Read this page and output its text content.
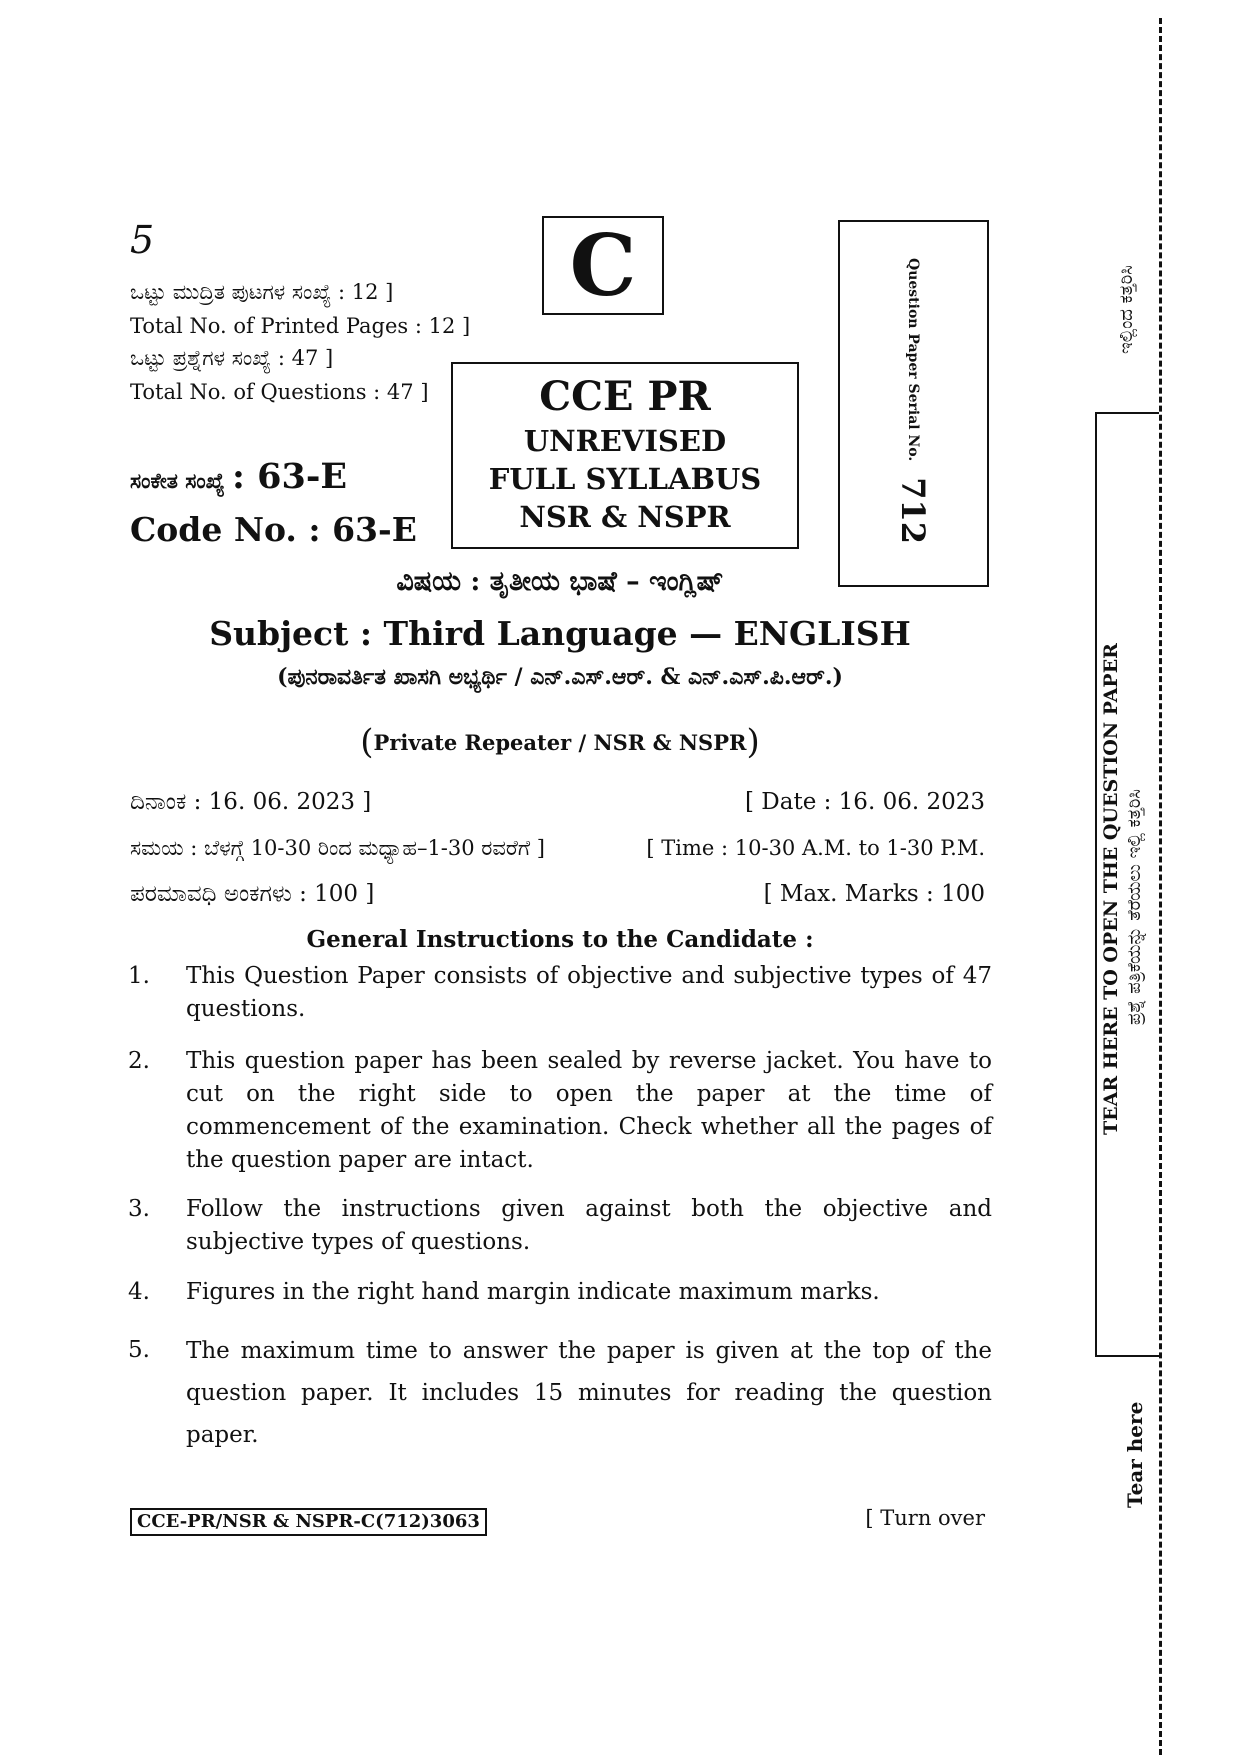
5
ಒಟ್ಟು ಮುದ್ರಿತ ಪುಟಗಳ ಸಂಖ್ಯೆ : 12 ]
Total No. of Printed Pages : 12 ]
ಒಟ್ಟು ಪ್ರಶ್ನೆಗಳ ಸಂಖ್ಯೆ : 47 ]
Total No. of Questions : 47 ]
C
CCE PR
UNREVISED
FULL SYLLABUS
NSR & NSPR
Question Paper Serial No.712
ಸಂಕೇತ ಸಂಖ್ಯೆ : 63-E
Code No. : 63-E
ವಿಷಯ : ತೃತೀಯ ಭಾಷೆ – ಇಂಗ್ಲಿಷ್
Subject : Third Language — ENGLISH
(ಪುನರಾವರ್ತಿತ ಖಾಸಗಿ ಅಭ್ಯರ್ಥಿ / ಎನ್.ಎಸ್.ಆರ್. & ಎನ್.ಎಸ್.ಪಿ.ಆರ್.)
(Private Repeater / NSR & NSPR)
ದಿನಾಂಕ : 16. 06. 2023 ]	[ Date : 16. 06. 2023
ಸಮಯ : ಬೆಳಗ್ಗೆ 10-30 ರಿಂದ ಮಧ್ಯಾಹ–1-30 ರವರೆಗೆ ]	[ Time : 10-30 A.M. to 1-30 P.M.
ಪರಮಾವಧಿ ಅಂಕಗಳು : 100 ]	[ Max. Marks : 100
General Instructions to the Candidate :
1. This Question Paper consists of objective and subjective types of 47 questions.
2. This question paper has been sealed by reverse jacket. You have to cut on the right side to open the paper at the time of commencement of the examination. Check whether all the pages of the question paper are intact.
3. Follow the instructions given against both the objective and subjective types of questions.
4. Figures in the right hand margin indicate maximum marks.
5. The maximum time to answer the paper is given at the top of the question paper. It includes 15 minutes for reading the question paper.
CCE-PR/NSR & NSPR-C(712)3063	[ Turn over
ಇಲ್ಲಿಂದ ಕತ್ತರಿಸಿ
TEAR HERE TO OPEN THE QUESTION PAPER ಪ್ರಶ್ನೆ ಪತ್ರಿಕೆಯನ್ನು ತೆರೆಯಲು ಇಲ್ಲಿ ಕತ್ತರಿಸಿ
Tear here
